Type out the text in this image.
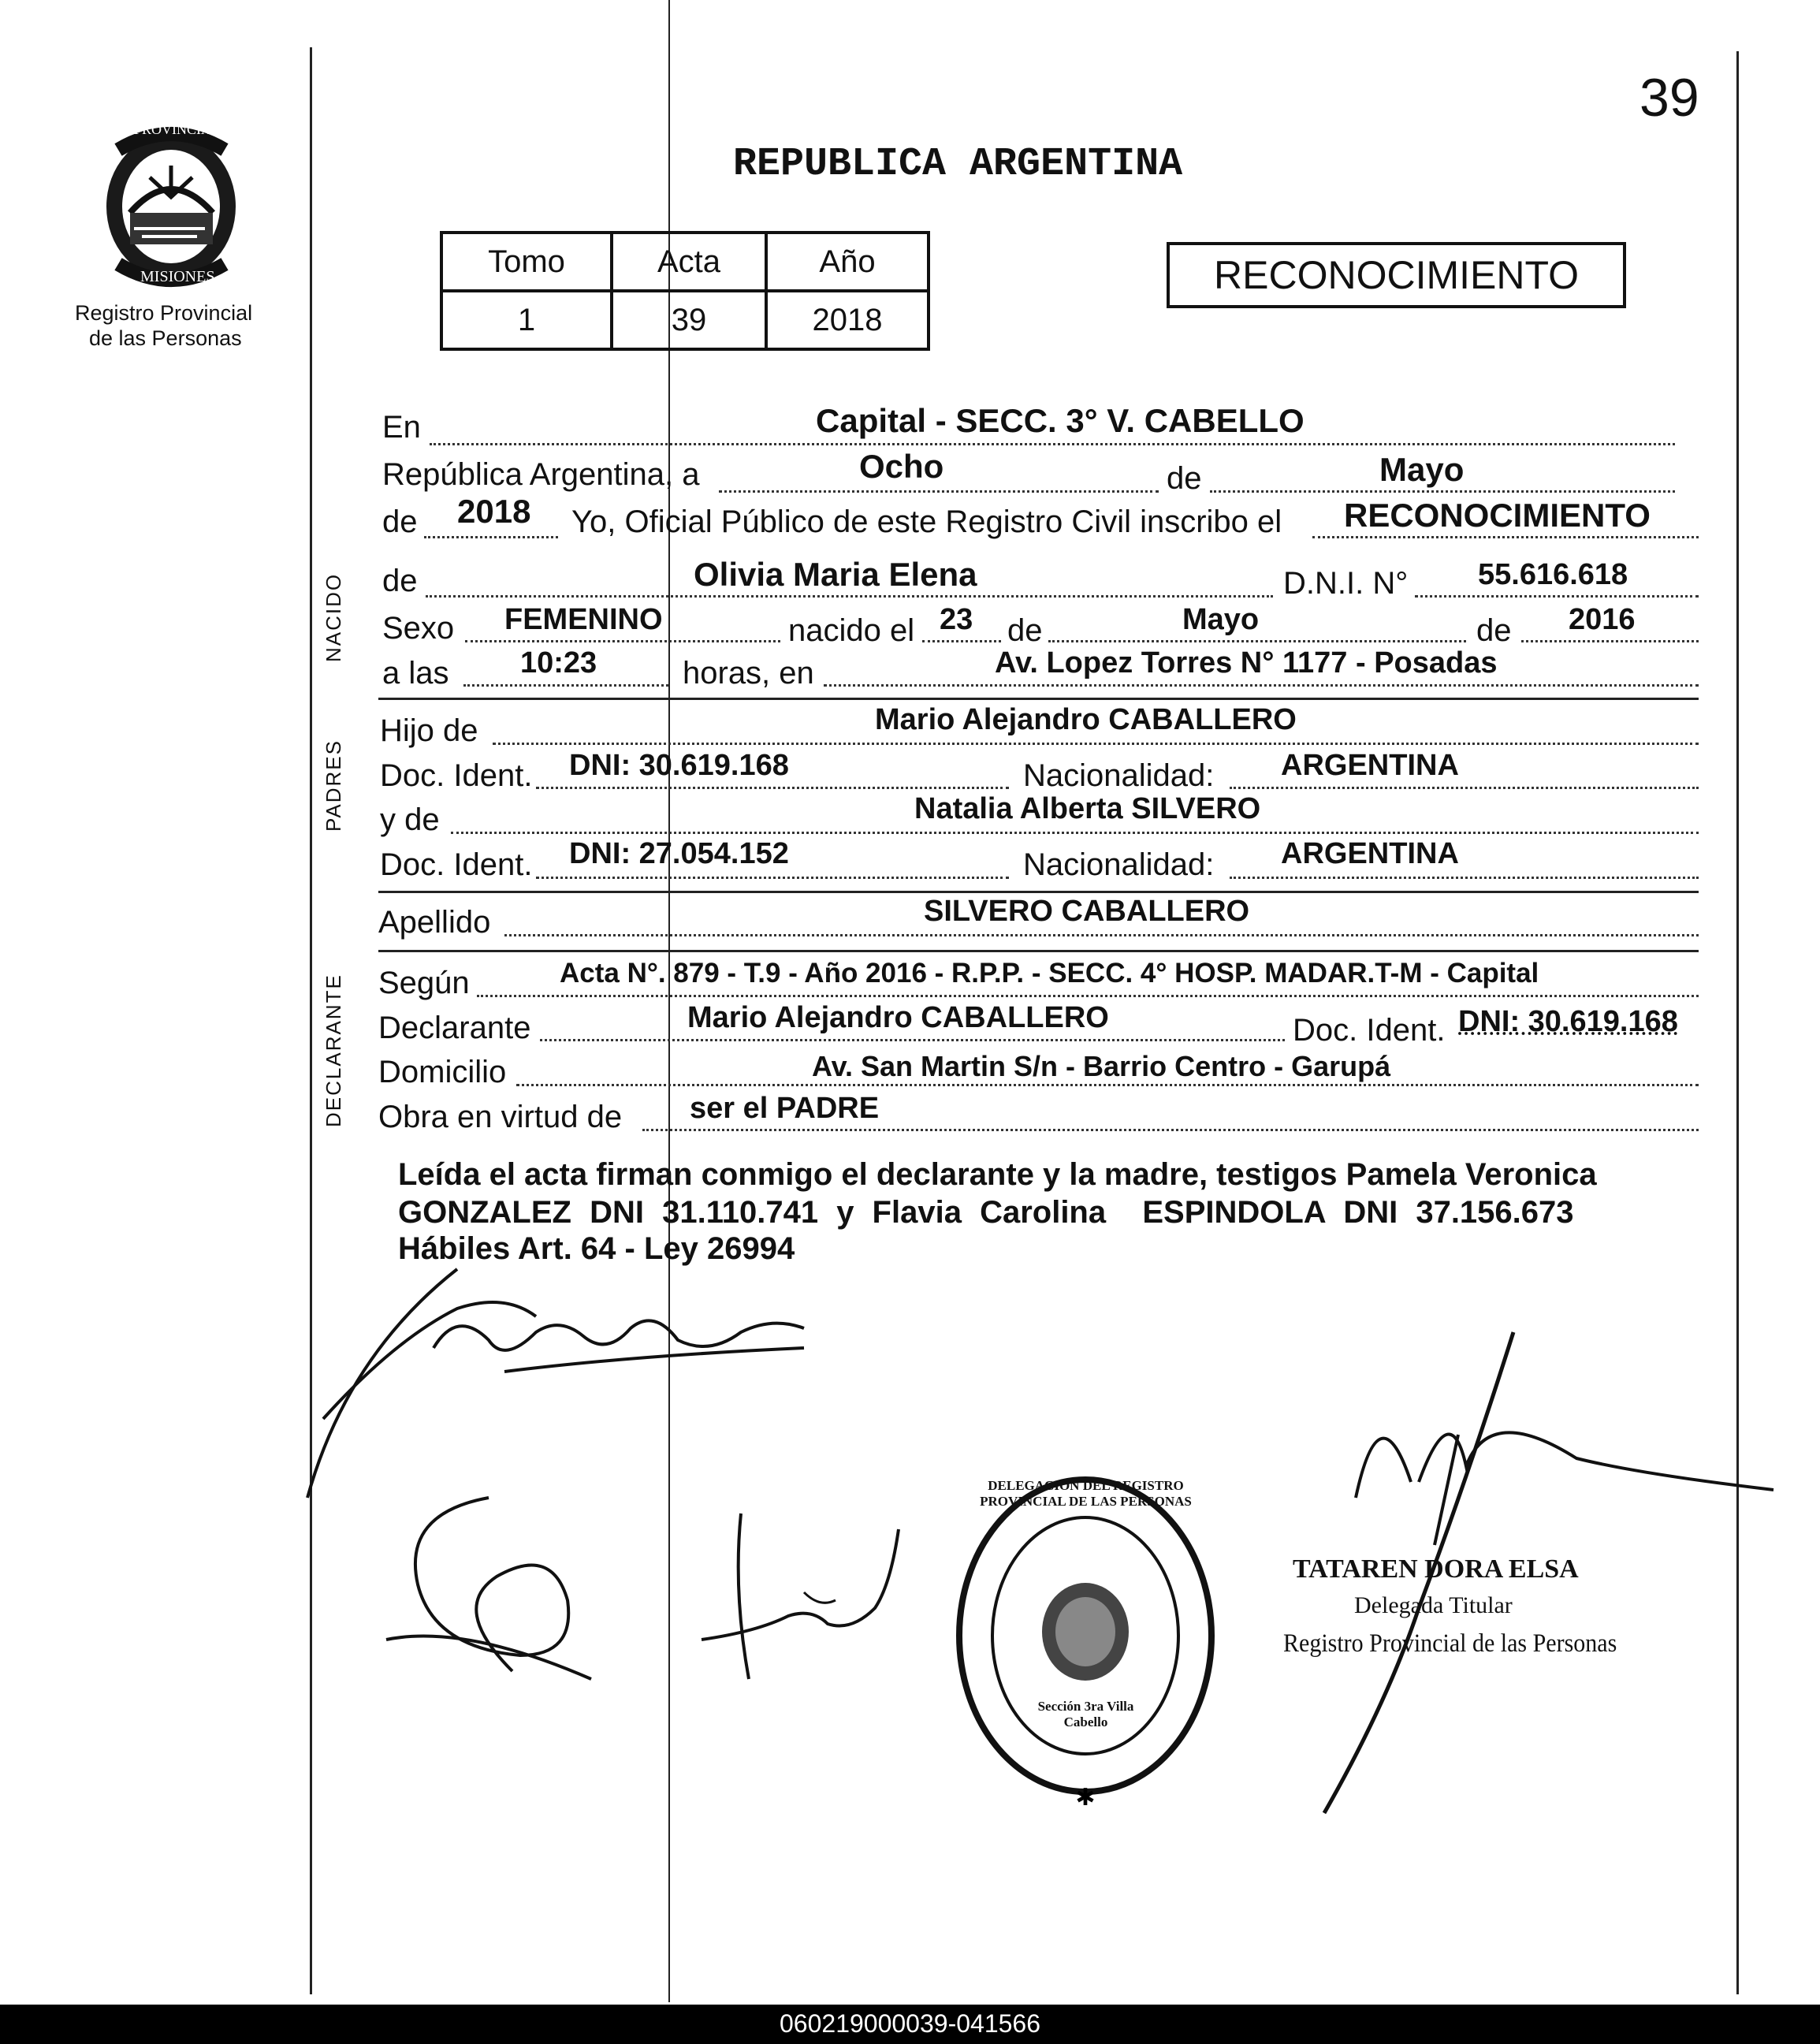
39
PROVINCIA DE
MISIONES
Registro Provincial
de las Personas
REPUBLICA ARGENTINA
Tomo	Acta	Año
1	39	2018
RECONOCIMIENTO
NACIDO
PADRES
DECLARANTE
En	Capital - SECC. 3° V. CABELLO
República Argentina, a	Ocho	de	Mayo
de 2018 Yo, Oficial Público de este Registro Civil inscribo el RECONOCIMIENTO
de	Olivia Maria Elena	D.N.I. N° 55.616.618
Sexo FEMENINO	nacido el 23 de	Mayo	de 2016
a las 10:23	horas, en	Av. Lopez Torres N° 1177 - Posadas
Hijo de	Mario Alejandro CABALLERO
Doc. Ident. DNI: 30.619.168	Nacionalidad: ARGENTINA
y de	Natalia Alberta SILVERO
Doc. Ident. DNI: 27.054.152	Nacionalidad: ARGENTINA
Apellido	SILVERO CABALLERO
Según	Acta N°. 879 - T.9 - Año 2016 - R.P.P. - SECC. 4° HOSP. MADAR.T-M - Capital
Declarante	Mario Alejandro CABALLERO	Doc. Ident. DNI: 30.619.168
Domicilio	Av. San Martin S/n - Barrio Centro - Garupá
Obra en virtud de ser el PADRE
Leída el acta firman conmigo el declarante y la madre, testigos Pamela Veronica
GONZALEZ DNI 31.110.741 y Flavia Carolina  ESPINDOLA DNI 37.156.673
Hábiles Art. 64 - Ley 26994
✱
DELEGACION DEL REGISTRO PROVINCIAL DE LAS PERSONAS
Sección 3ra Villa Cabello
TATAREN DORA ELSA
Delegada Titular
Registro Provincial de las Personas
060219000039-041566
